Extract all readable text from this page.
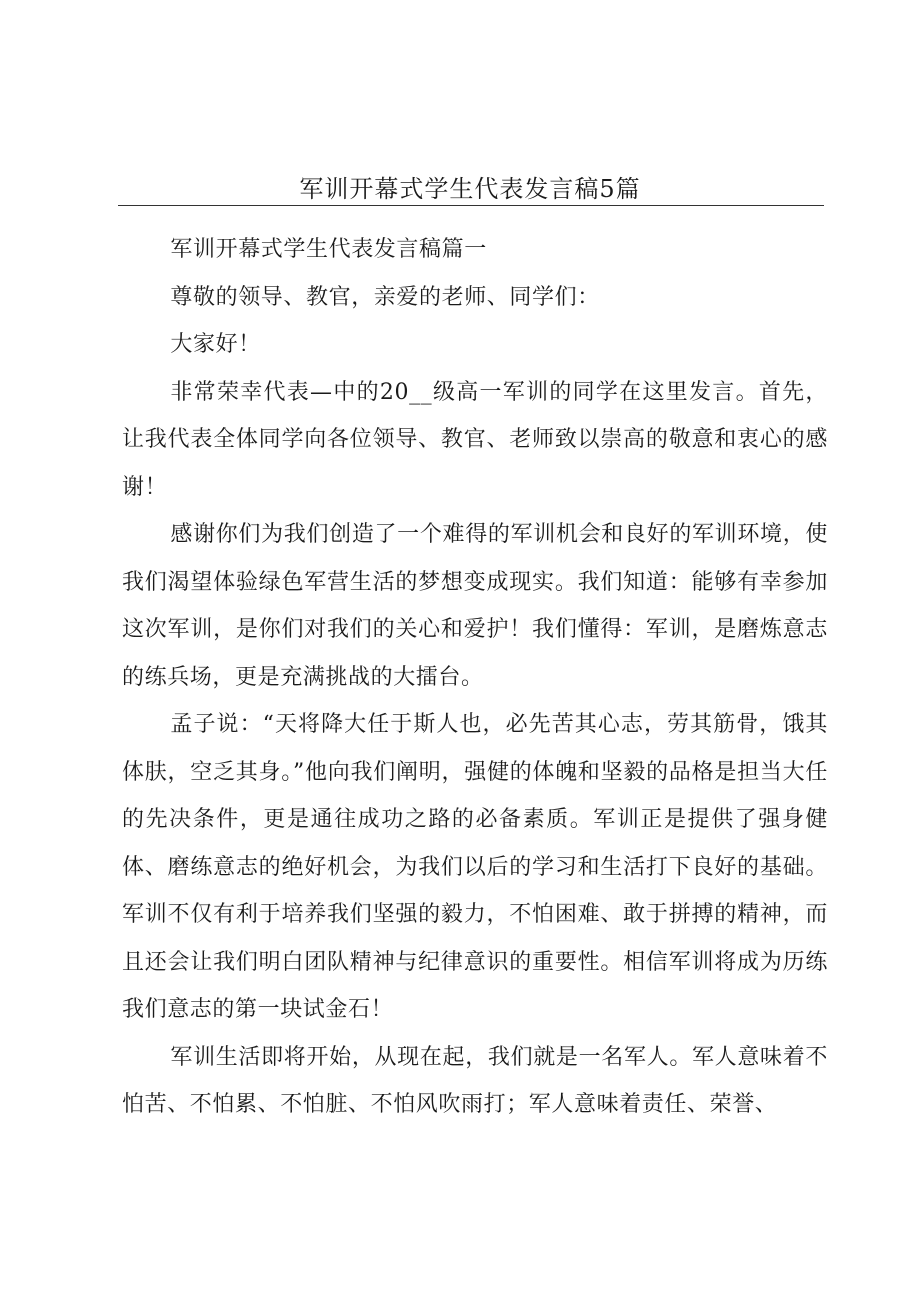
军训开幕式学生代表发言稿5篇

军训开幕式学生代表发言稿篇一

尊敬的领导、教官，亲爱的老师、同学们：

大家好！

非常荣幸代表—中的20__级高一军训的同学在这里发言。首先，让我代表全体同学向各位领导、教官、老师致以崇高的敬意和衷心的感谢！

感谢你们为我们创造了一个难得的军训机会和良好的军训环境，使我们渴望体验绿色军营生活的梦想变成现实。我们知道：能够有幸参加这次军训，是你们对我们的关心和爱护！我们懂得：军训，是磨炼意志的练兵场，更是充满挑战的大擂台。

孟子说：“天将降大任于斯人也，必先苦其心志，劳其筋骨，饿其体肤，空乏其身。”他向我们阐明，强健的体魄和坚毅的品格是担当大任的先决条件，更是通往成功之路的必备素质。军训正是提供了强身健体、磨练意志的绝好机会，为我们以后的学习和生活打下良好的基础。军训不仅有利于培养我们坚强的毅力，不怕困难、敢于拼搏的精神，而且还会让我们明白团队精神与纪律意识的重要性。相信军训将成为历练我们意志的第一块试金石！

军训生活即将开始，从现在起，我们就是一名军人。军人意味着不怕苦、不怕累、不怕脏、不怕风吹雨打；军人意味着责任、荣誉、
